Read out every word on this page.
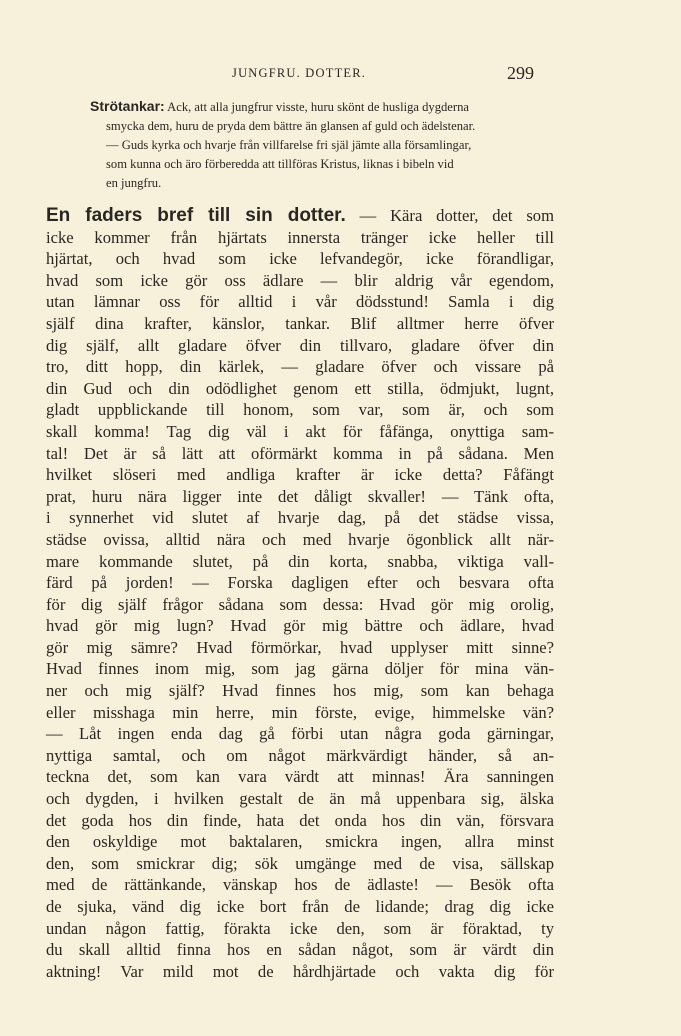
JUNGFRU. DOTTER.	299
Strötankar: Ack, att alla jungfrur visste, huru skönt de husliga dygderna
smycka dem, huru de pryda dem bättre än glansen af guld och ädelstenar.
— Guds kyrka och hvarje från villfarelse fri själ jämte alla församlingar,
som kunna och äro förberedda att tillföras Kristus, liknas i bibeln vid
en jungfru.
En faders bref till sin dotter. — Kära dotter, det som
icke kommer från hjärtats innersta tränger icke heller till
hjärtat, och hvad som icke lefvandegör, icke förandligar,
hvad som icke gör oss ädlare — blir aldrig vår egendom,
utan lämnar oss för alltid i vår dödsstund! Samla i dig
själf dina krafter, känslor, tankar. Blif alltmer herre öfver
dig själf, allt gladare öfver din tillvaro, gladare öfver din
tro, ditt hopp, din kärlek, — gladare öfver och vissare på
din Gud och din odödlighet genom ett stilla, ödmjukt, lugnt,
gladt uppblickande till honom, som var, som är, och som
skall komma! Tag dig väl i akt för fåfänga, onyttiga sam-
tal! Det är så lätt att oförmärkt komma in på sådana. Men
hvilket slöseri med andliga krafter är icke detta? Fåfängt
prat, huru nära ligger inte det dåligt skvaller! — Tänk ofta,
i synnerhet vid slutet af hvarje dag, på det städse vissa,
städse ovissa, alltid nära och med hvarje ögonblick allt när-
mare kommande slutet, på din korta, snabba, viktiga vall-
färd på jorden! — Forska dagligen efter och besvara ofta
för dig själf frågor sådana som dessa: Hvad gör mig orolig,
hvad gör mig lugn? Hvad gör mig bättre och ädlare, hvad
gör mig sämre? Hvad förmörkar, hvad upplyser mitt sinne?
Hvad finnes inom mig, som jag gärna döljer för mina vän-
ner och mig själf? Hvad finnes hos mig, som kan behaga
eller misshaga min herre, min förste, evige, himmelske vän?
— Låt ingen enda dag gå förbi utan några goda gärningar,
nyttiga samtal, och om något märkvärdigt händer, så an-
teckna det, som kan vara värdt att minnas! Ära sanningen
och dygden, i hvilken gestalt de än må uppenbara sig, älska
det goda hos din finde, hata det onda hos din vän, försvara
den oskyldige mot baktalaren, smickra ingen, allra minst
den, som smickrar dig; sök umgänge med de visa, sällskap
med de rättänkande, vänskap hos de ädlaste! — Besök ofta
de sjuka, vänd dig icke bort från de lidande; drag dig icke
undan någon fattig, förakta icke den, som är föraktad, ty
du skall alltid finna hos en sådan något, som är värdt din
aktning! Var mild mot de hårdhjärtade och vakta dig för
